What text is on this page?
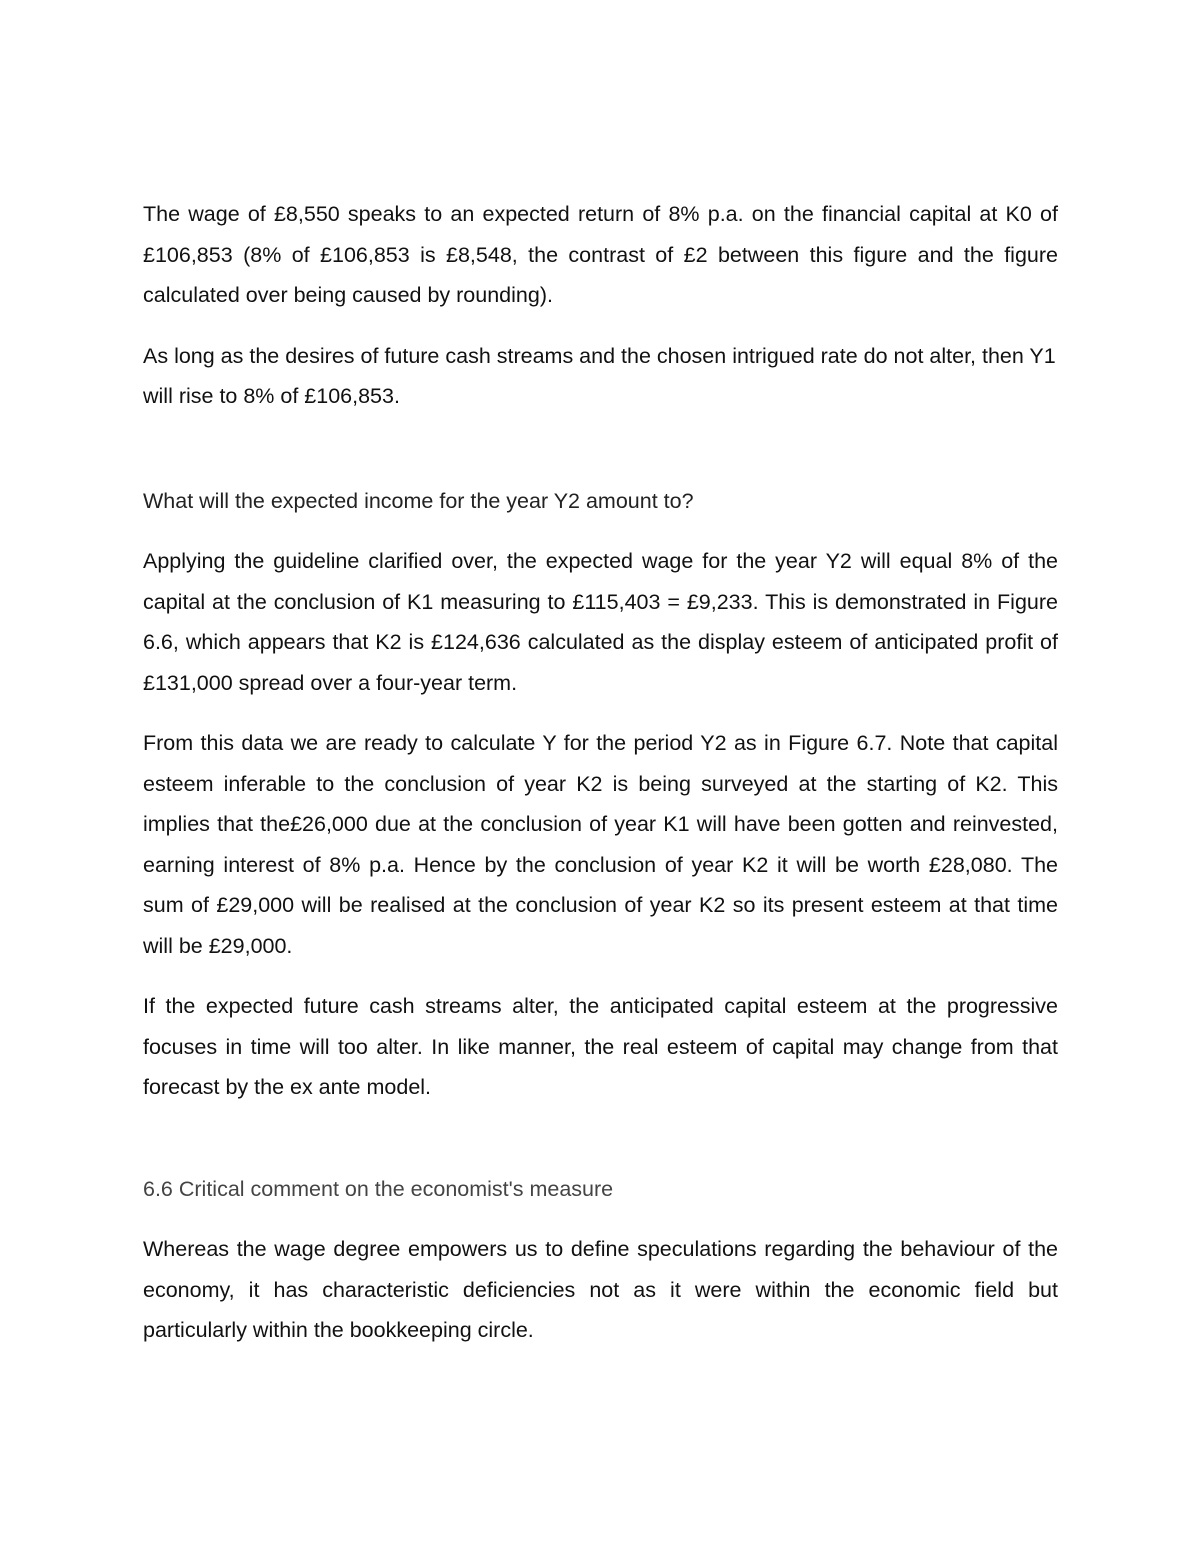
The wage of £8,550 speaks to an expected return of 8% p.a. on the financial capital at K0 of £106,853 (8% of £106,853 is £8,548, the contrast of £2 between this figure and the figure calculated over being caused by rounding).

As long as the desires of future cash streams and the chosen intrigued rate do not alter, then Y1 will rise to 8% of £106,853.

What will the expected income for the year Y2 amount to?

Applying the guideline clarified over, the expected wage for the year Y2 will equal 8% of the capital at the conclusion of K1 measuring to £115,403 = £9,233. This is demonstrated in Figure 6.6, which appears that K2 is £124,636 calculated as the display esteem of anticipated profit of £131,000 spread over a four-year term.

From this data we are ready to calculate Y for the period Y2 as in Figure 6.7. Note that capital esteem inferable to the conclusion of year K2 is being surveyed at the starting of K2. This implies that the£26,000 due at the conclusion of year K1 will have been gotten and reinvested, earning interest of 8% p.a. Hence by the conclusion of year K2 it will be worth £28,080. The sum of £29,000 will be realised at the conclusion of year K2 so its present esteem at that time will be £29,000.

If the expected future cash streams alter, the anticipated capital esteem at the progressive focuses in time will too alter. In like manner, the real esteem of capital may change from that forecast by the ex ante model.

6.6 Critical comment on the economist's measure

Whereas the wage degree empowers us to define speculations regarding the behaviour of the economy, it has characteristic deficiencies not as it were within the economic field but particularly within the bookkeeping circle.
